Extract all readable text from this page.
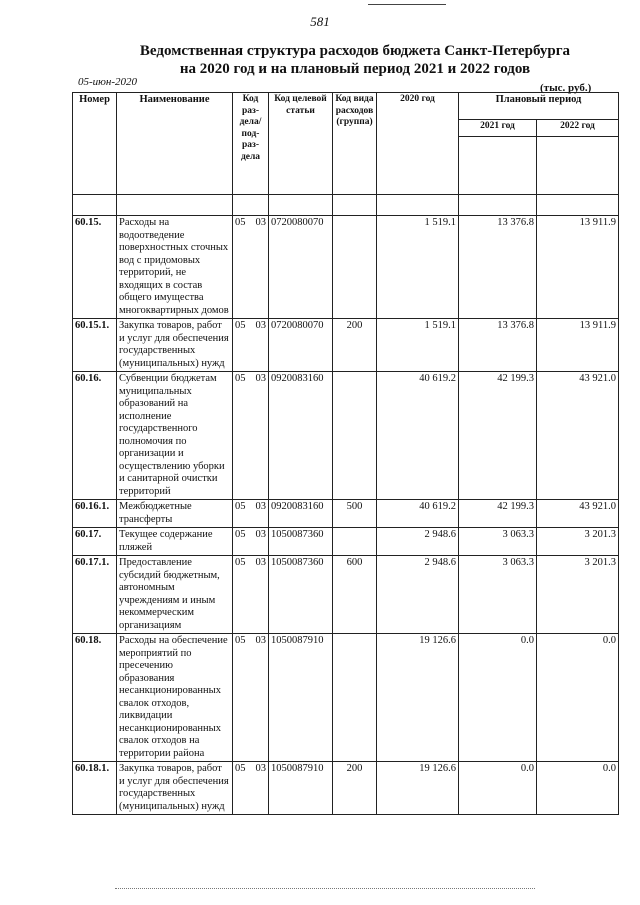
581
Ведомственная структура расходов бюджета Санкт-Петербурга
на 2020 год и на плановый период 2021 и 2022 годов
05-июн-2020	(тыс. руб.)
Номер	Наименование	Код раз-дела/ под-раз-дела	Код целевой статьи	Код вида расходов (группа)	2020 год	Плановый период	
						2021 год	2022 год

60.15.	Расходы на водоотведение поверхностных сточных вод с придомовых территорий, не входящих в состав общего имущества многоквартирных домов	05 03	0720080070		1 519.1	13 376.8	13 911.9
60.15.1.	Закупка товаров, работ и услуг для обеспечения государственных (муниципальных) нужд	05 03	0720080070	200	1 519.1	13 376.8	13 911.9
60.16.	Субвенции бюджетам муниципальных образований на исполнение государственного полномочия по организации и осуществлению уборки и санитарной очистки территорий	05 03	0920083160		40 619.2	42 199.3	43 921.0
60.16.1.	Межбюджетные трансферты	05 03	0920083160	500	40 619.2	42 199.3	43 921.0
60.17.	Текущее содержание пляжей	05 03	1050087360		2 948.6	3 063.3	3 201.3
60.17.1.	Предоставление субсидий бюджетным, автономным учреждениям и иным некоммерческим организациям	05 03	1050087360	600	2 948.6	3 063.3	3 201.3
60.18.	Расходы на обеспечение мероприятий по пресечению образования несанкционированных свалок отходов, ликвидации несанкционированных свалок отходов на территории района	05 03	1050087910		19 126.6	0.0	0.0
60.18.1.	Закупка товаров, работ и услуг для обеспечения государственных (муниципальных) нужд	05 03	1050087910	200	19 126.6	0.0	0.0
